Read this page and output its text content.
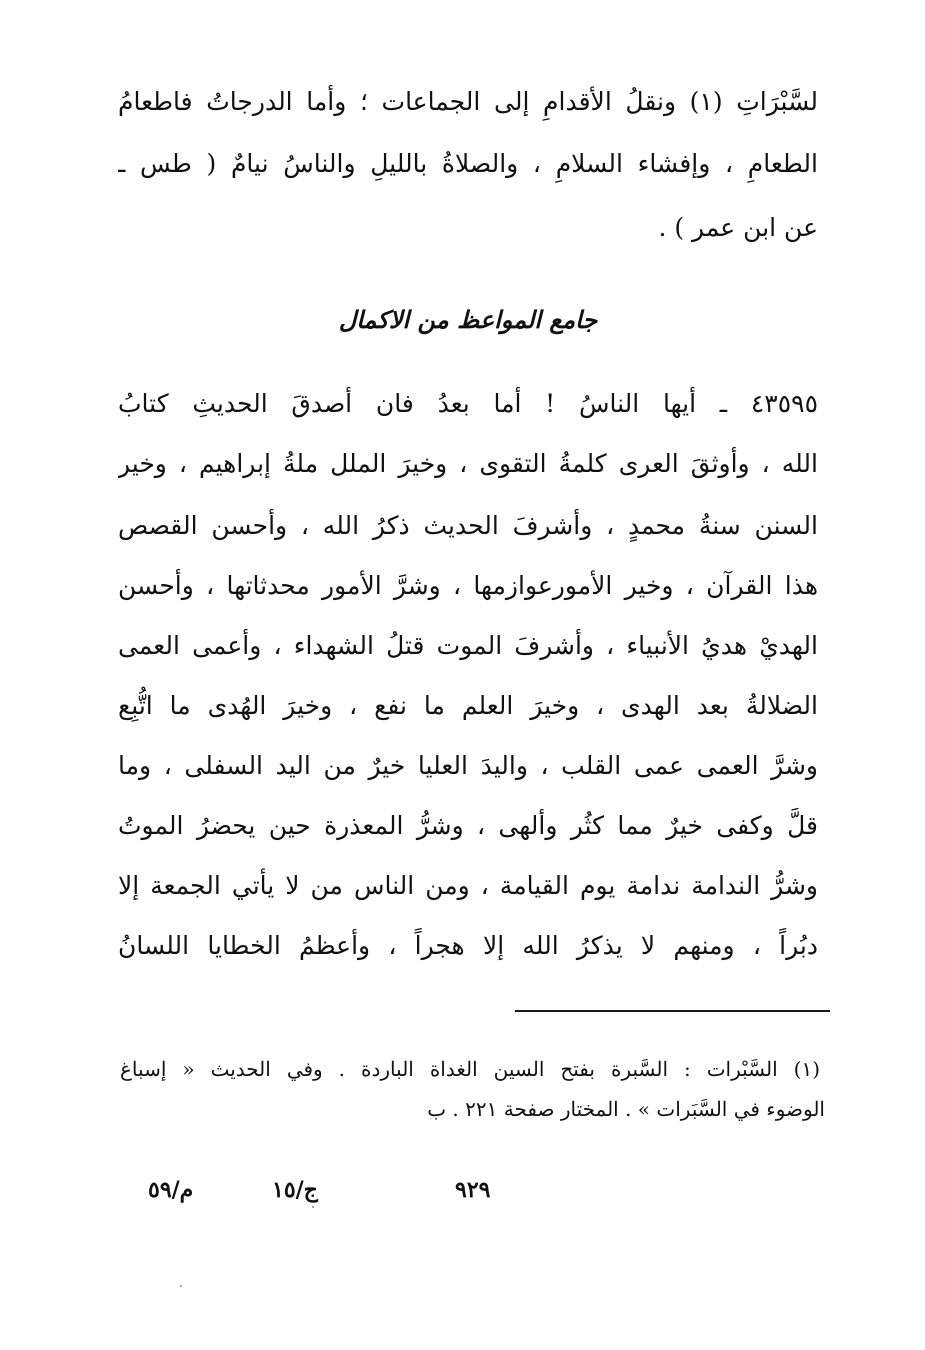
لسَّبْرَاتِ (١) ونقلُ الأقدامِ إلى الجماعات ؛ وأما الدرجاتُ فاطعامُ
الطعامِ ، وإفشاء السلامِ ، والصلاةُ بالليلِ والناسُ نيامٌ ( طس ـ
عن ابن عمر ) .
جامع المواعظ من الاكمال
٤٣٥٩٥ ـ أيها الناسُ ! أما بعدُ فان أصدقَ الحديثِ كتابُ
الله ، وأوثقَ العرى كلمةُ التقوى ، وخيرَ الملل ملةُ إبراهيم ، وخير
السنن سنةُ محمدٍ ، وأشرفَ الحديث ذكرُ الله ، وأحسن القصص
هذا القرآن ، وخير الأمورعوازمها ، وشرَّ الأمور محدثاتها ، وأحسن
الهديْ هديُ الأنبياء ، وأشرفَ الموت قتلُ الشهداء ، وأعمى العمى
الضلالةُ بعد الهدى ، وخيرَ العلم ما نفع ، وخيرَ الهُدى ما اتُّبِع
وشرَّ العمى عمى القلب ، واليدَ العليا خيرٌ من اليد السفلى ، وما
قلَّ وكفى خيرٌ مما كثُر وألهى ، وشرُّ المعذرة حين يحضرُ الموتُ
وشرُّ الندامة ندامة يوم القيامة ، ومن الناس من لا يأتي الجمعة إلا
دبُراً ، ومنهم لا يذكرُ الله إلا هجراً ، وأعظمُ الخطايا اللسانُ
(١) السَّبْرات : السَّبرة بفتح السين الغداة الباردة . وفي الحديث « إسباغ
الوضوء في السَّبَرات » . المختار صفحة ٢٢١ . ب
٩٢٩
ج/١٥
م/٥٩
